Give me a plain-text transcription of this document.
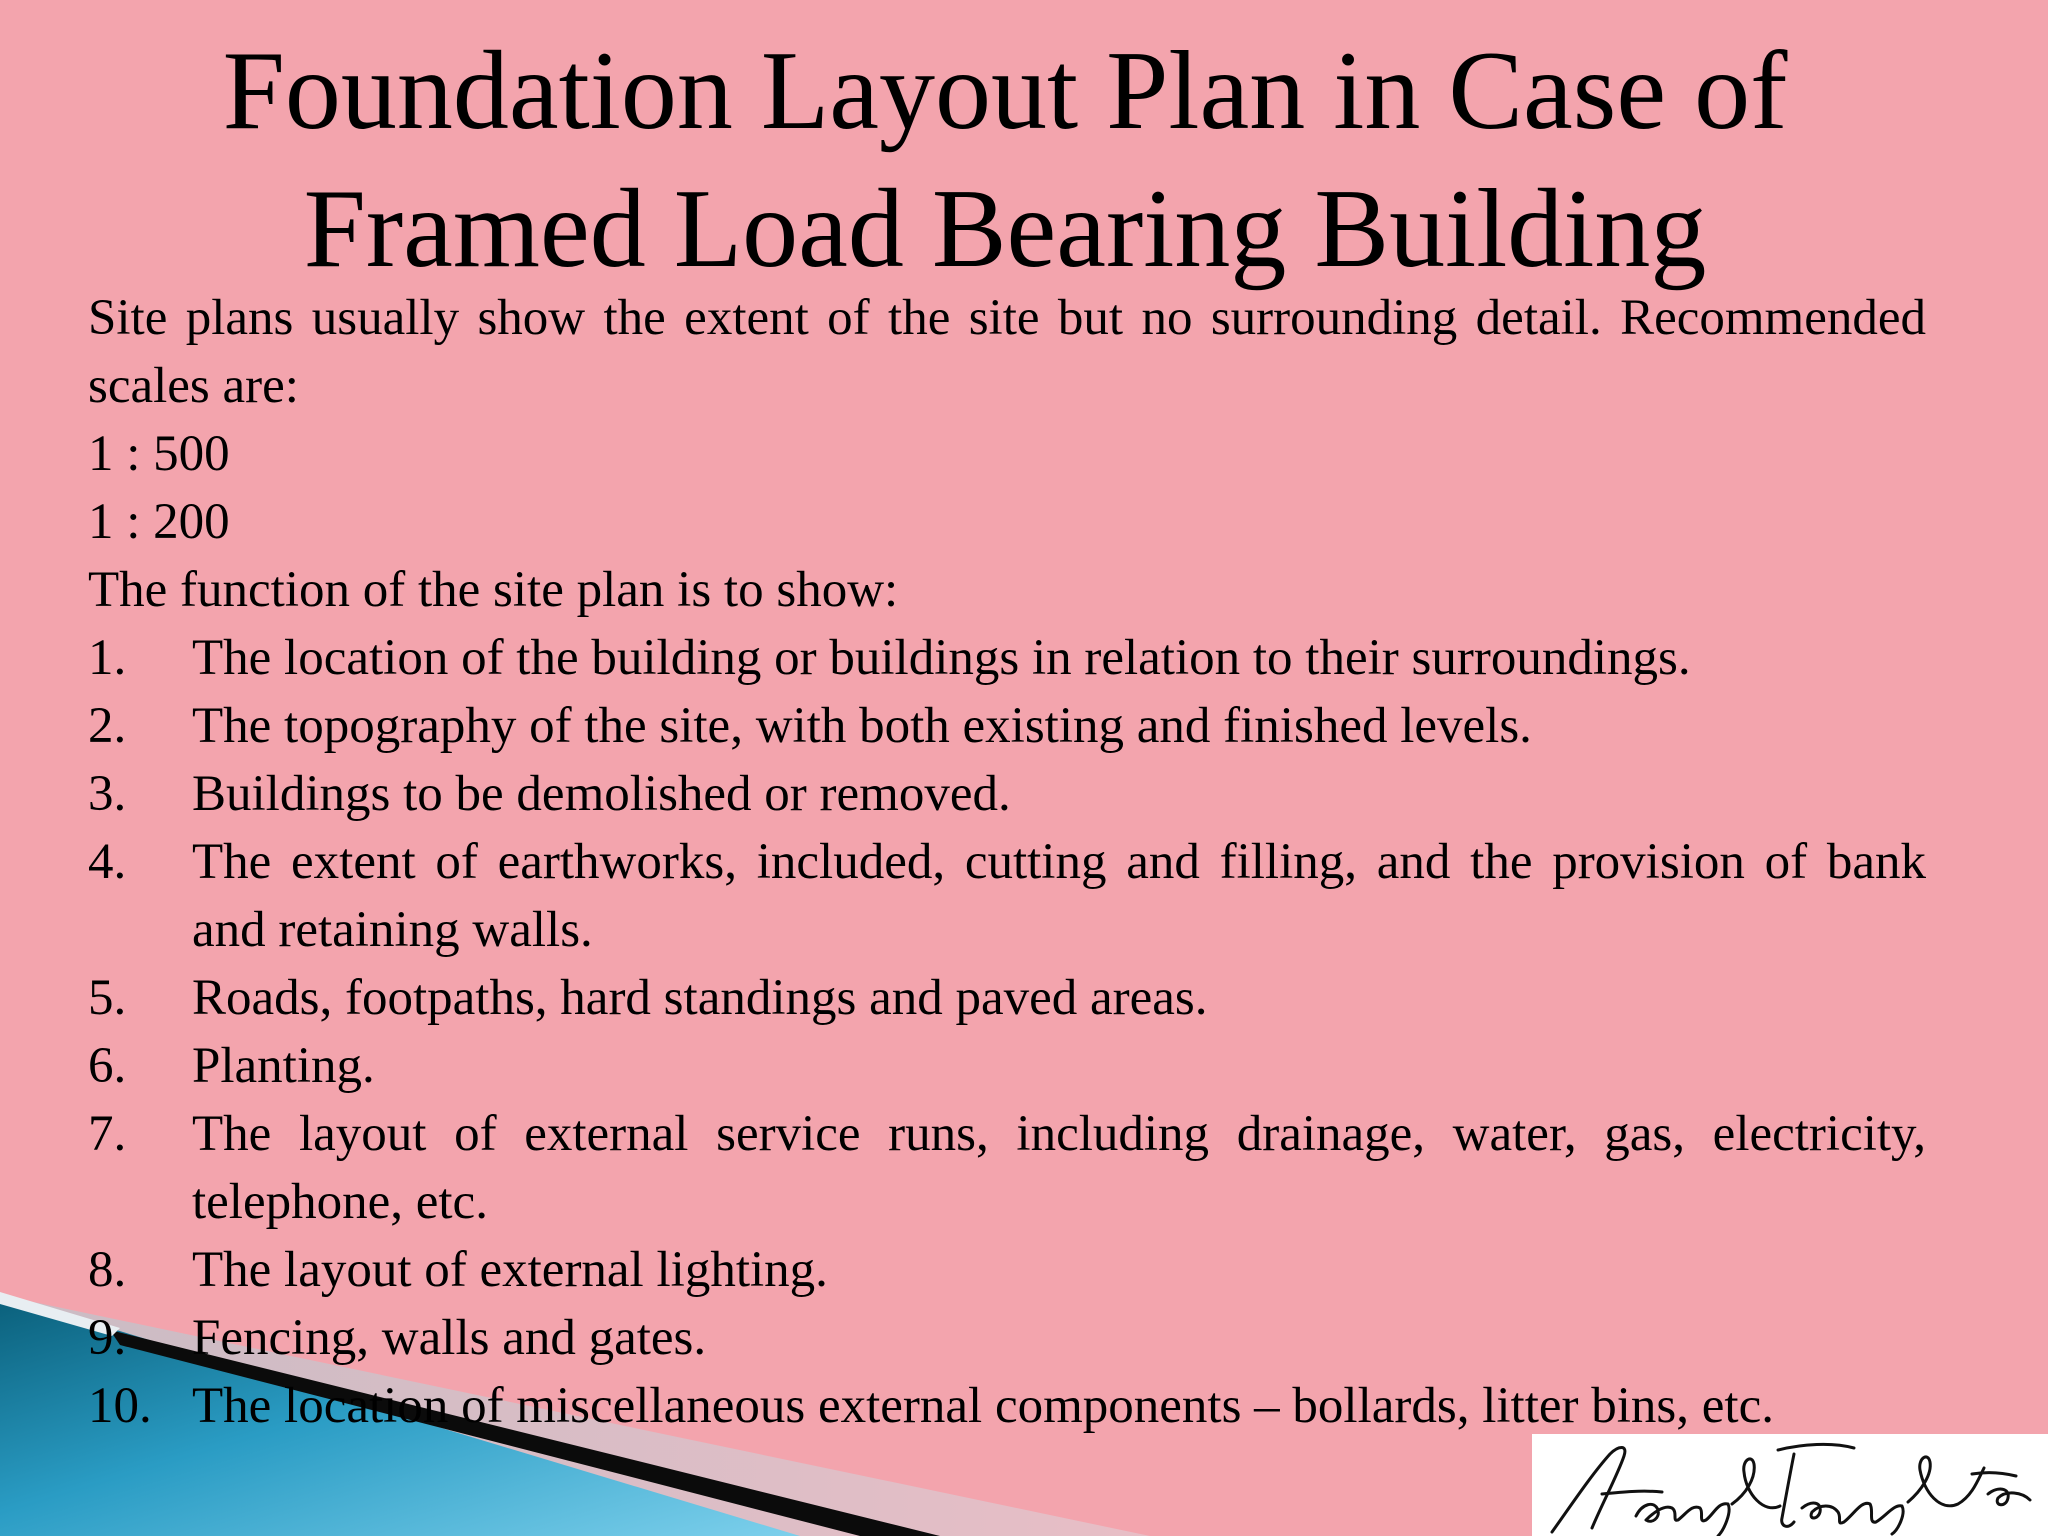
Foundation Layout Plan in Case of
Framed Load Bearing Building

Site plans usually show the extent of the site but no surrounding detail. Recommended scales are:

1 : 500

1 : 200

The function of the site plan is to show:

1. The location of the building or buildings in relation to their surroundings.
2. The topography of the site, with both existing and finished levels.
3. Buildings to be demolished or removed.
4. The extent of earthworks, included, cutting and filling, and the provision of bank and retaining walls.
5. Roads, footpaths, hard standings and paved areas.
6. Planting.
7. The layout of external service runs, including drainage, water, gas, electricity, telephone, etc.
8. The layout of external lighting.
9. Fencing, walls and gates.
10. The location of miscellaneous external components – bollards, litter bins, etc.
